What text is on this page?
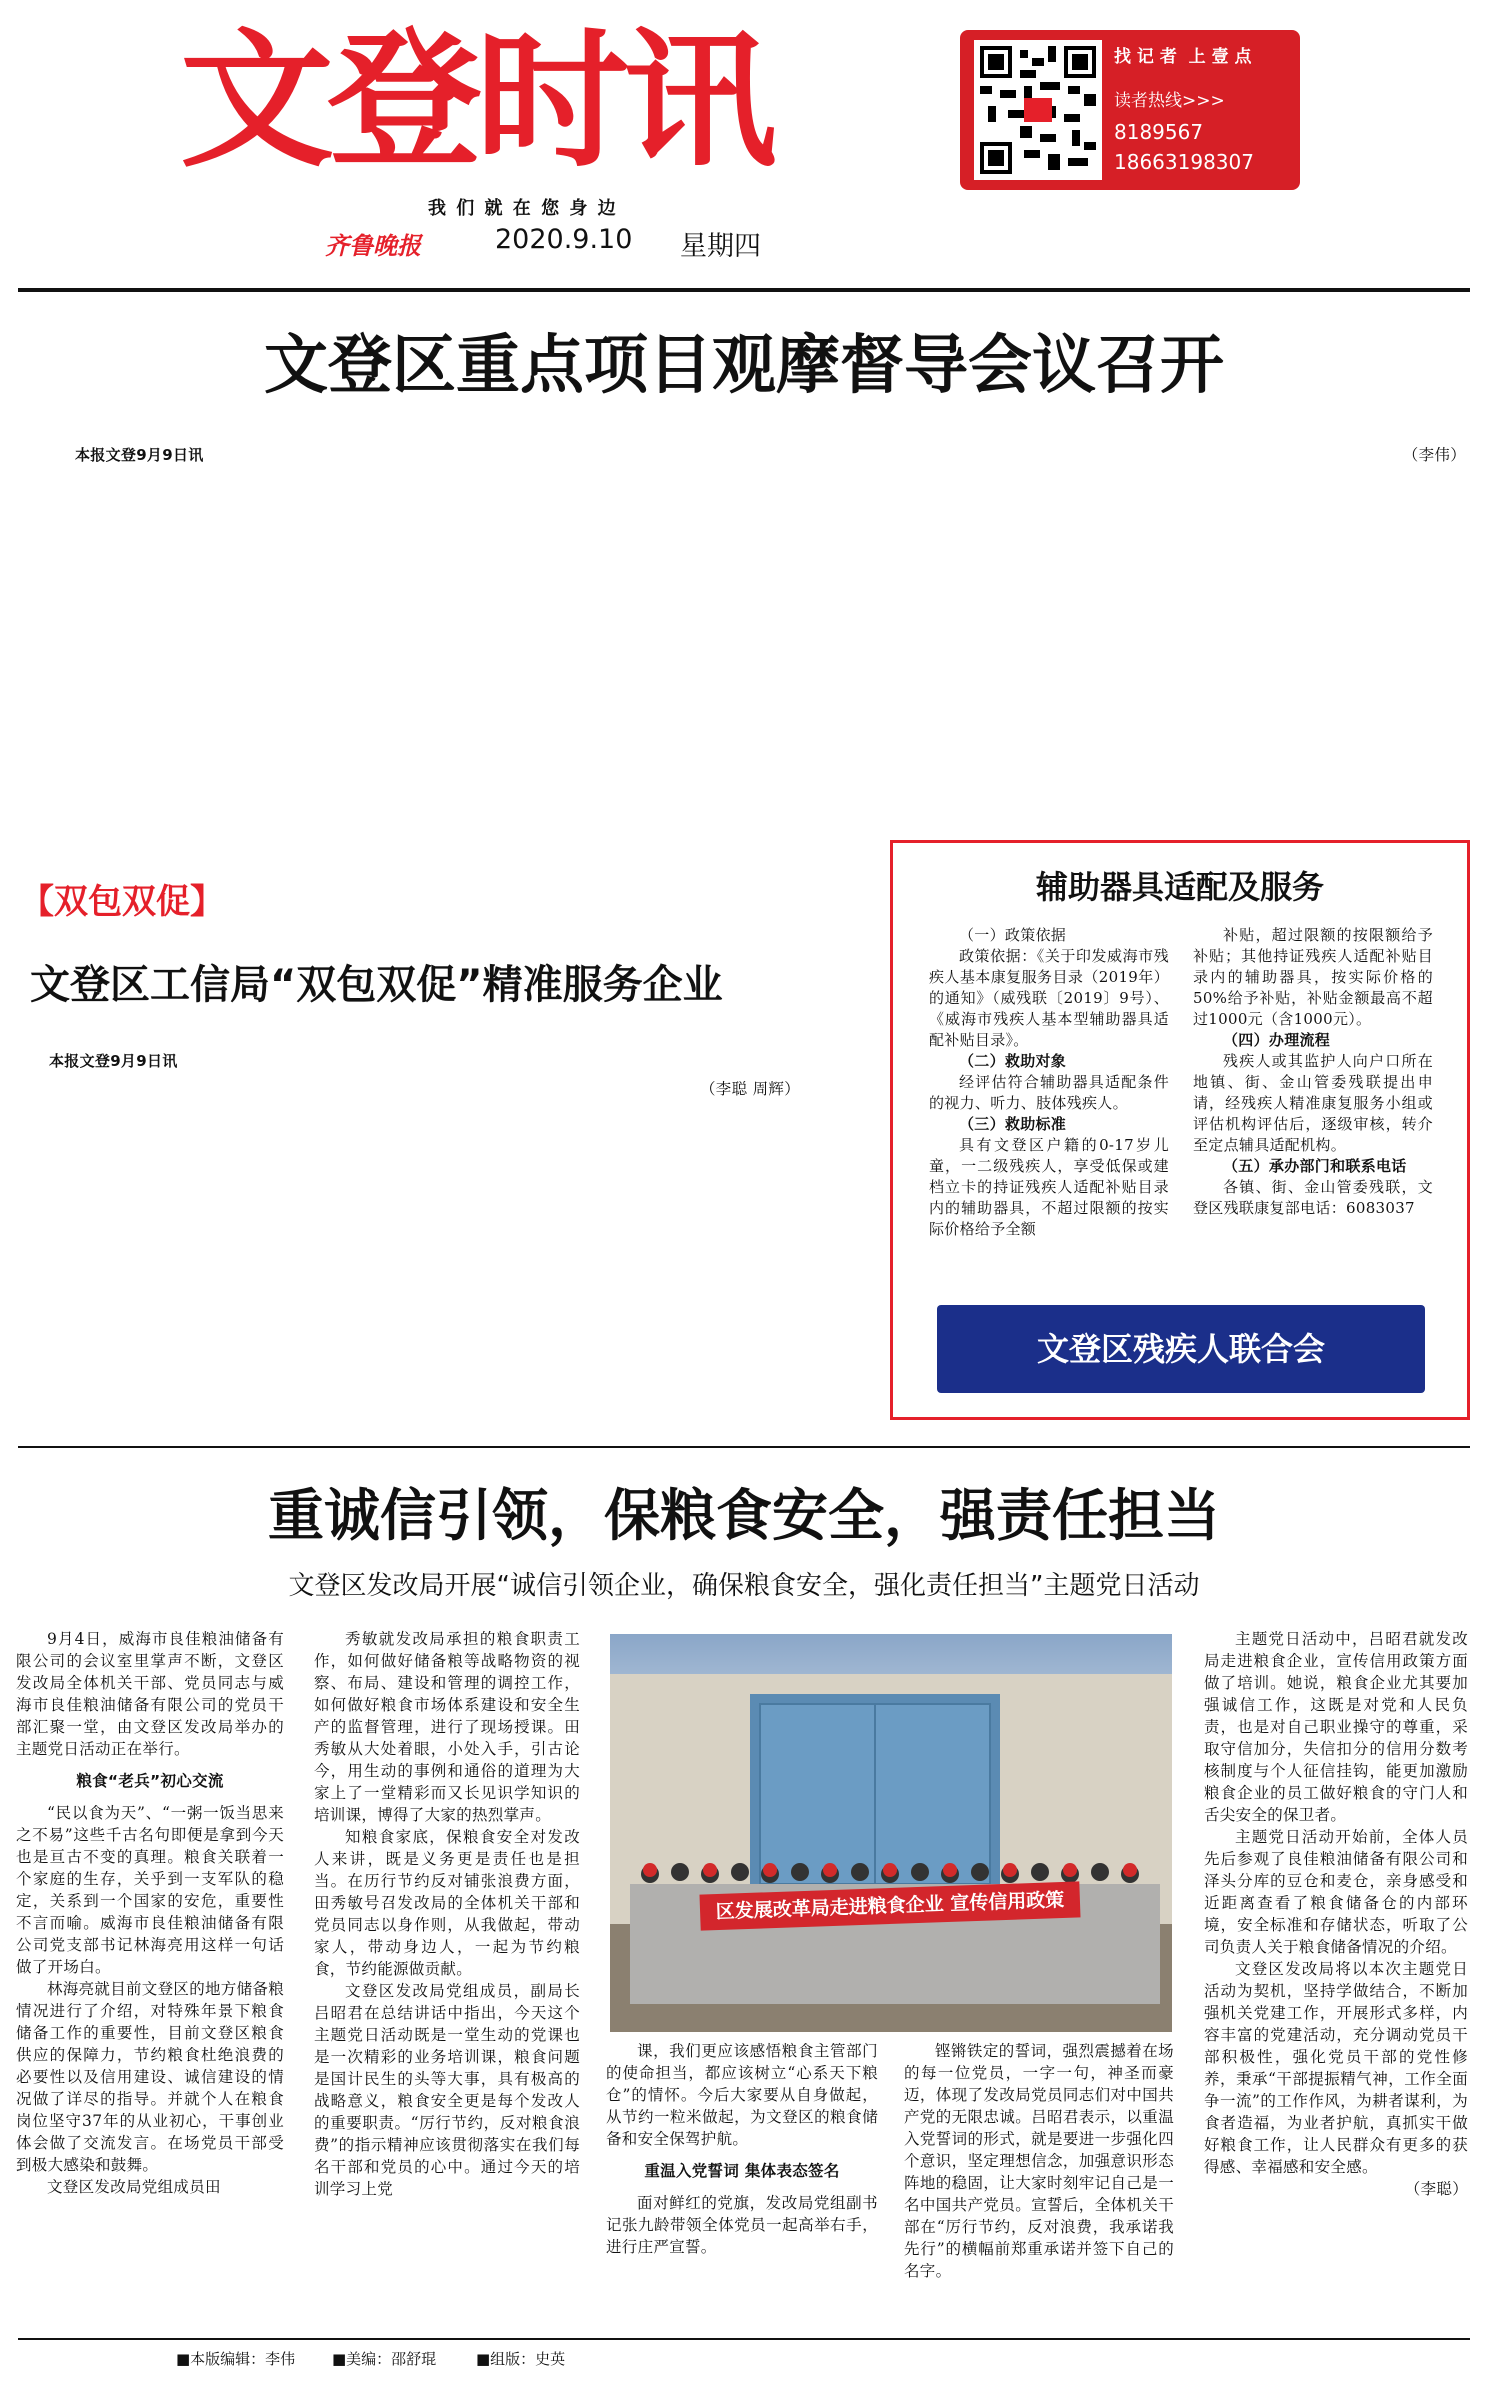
文登时讯
我 们 就 在 您 身 边
齐鲁晚报	2020.9.10 星期四
找 记 者  上 壹 点
读者热线>>>
8189567
18663198307
文登区重点项目观摩督导会议召开

本报文登9月9日讯	（李伟）

【双包双促】
文登区工信局“双包双促”精准服务企业

本报文登9月9日讯

（李聪 周辉）

辅助器具适配及服务

（一）政策依据

政策依据：《关于印发威海市残疾人基本康复服务目录（2019年）的通知》（威残联〔2019〕9号）、《威海市残疾人基本型辅助器具适配补贴目录》。

（二）救助对象

经评估符合辅助器具适配条件的视力、听力、肢体残疾人。

（三）救助标准

具有文登区户籍的0-17岁儿童，一二级残疾人，享受低保或建档立卡的持证残疾人适配补贴目录内的辅助器具，不超过限额的按实际价格给予全额

补贴，超过限额的按限额给予补贴；其他持证残疾人适配补贴目录内的辅助器具，按实际价格的50%给予补贴，补贴金额最高不超过1000元（含1000元）。

（四）办理流程

残疾人或其监护人向户口所在地镇、街、金山管委残联提出申请，经残疾人精准康复服务小组或评估机构评估后，逐级审核，转介至定点辅具适配机构。

（五）承办部门和联系电话

各镇、街、金山管委残联，文登区残联康复部电话：6083037

文登区残疾人联合会
重诚信引领，保粮食安全，强责任担当
文登区发改局开展“诚信引领企业，确保粮食安全，强化责任担当”主题党日活动

9月4日，威海市良佳粮油储备有限公司的会议室里掌声不断，文登区发改局全体机关干部、党员同志与威海市良佳粮油储备有限公司的党员干部汇聚一堂，由文登区发改局举办的主题党日活动正在举行。

粮食“老兵”初心交流

“民以食为天”、“一粥一饭当思来之不易”这些千古名句即便是拿到今天也是亘古不变的真理。粮食关联着一个家庭的生存，关乎到一支军队的稳定，关系到一个国家的安危，重要性不言而喻。威海市良佳粮油储备有限公司党支部书记林海亮用这样一句话做了开场白。

林海亮就目前文登区的地方储备粮情况进行了介绍，对特殊年景下粮食储备工作的重要性，目前文登区粮食供应的保障力，节约粮食杜绝浪费的必要性以及信用建设、诚信建设的情况做了详尽的指导。并就个人在粮食岗位坚守37年的从业初心，干事创业体会做了交流发言。在场党员干部受到极大感染和鼓舞。

文登区发改局党组成员田

秀敏就发改局承担的粮食职责工作，如何做好储备粮等战略物资的视察、布局、建设和管理的调控工作，如何做好粮食市场体系建设和安全生产的监督管理，进行了现场授课。田秀敏从大处着眼，小处入手，引古论今，用生动的事例和通俗的道理为大家上了一堂精彩而又长见识学知识的培训课，博得了大家的热烈掌声。

知粮食家底，保粮食安全对发改人来讲，既是义务更是责任也是担当。在历行节约反对铺张浪费方面，田秀敏号召发改局的全体机关干部和党员同志以身作则，从我做起，带动家人，带动身边人，一起为节约粮食，节约能源做贡献。

文登区发改局党组成员，副局长吕昭君在总结讲话中指出，今天这个主题党日活动既是一堂生动的党课也是一次精彩的业务培训课，粮食问题是国计民生的头等大事，具有极高的战略意义，粮食安全更是每个发改人的重要职责。“厉行节约，反对粮食浪费”的指示精神应该贯彻落实在我们每名干部和党员的心中。通过今天的培训学习上党

区发展改革局走进粮食企业 宣传信用政策

课，我们更应该感悟粮食主管部门的使命担当，都应该树立“心系天下粮仓”的情怀。今后大家要从自身做起，从节约一粒米做起，为文登区的粮食储备和安全保驾护航。

重温入党誓词 集体表态签名

面对鲜红的党旗，发改局党组副书记张九龄带领全体党员一起高举右手，进行庄严宣誓。

铿锵铁定的誓词，强烈震撼着在场的每一位党员，一字一句，神圣而豪迈，体现了发改局党员同志们对中国共产党的无限忠诚。吕昭君表示，以重温入党誓词的形式，就是要进一步强化四个意识，坚定理想信念，加强意识形态阵地的稳固，让大家时刻牢记自己是一名中国共产党员。宣誓后，全体机关干部在“厉行节约，反对浪费，我承诺我先行”的横幅前郑重承诺并签下自己的名字。

主题党日活动中，吕昭君就发改局走进粮食企业，宣传信用政策方面做了培训。她说，粮食企业尤其要加强诚信工作，这既是对党和人民负责，也是对自己职业操守的尊重，采取守信加分，失信扣分的信用分数考核制度与个人征信挂钩，能更加激励粮食企业的员工做好粮食的守门人和舌尖安全的保卫者。

主题党日活动开始前，全体人员先后参观了良佳粮油储备有限公司和泽头分库的豆仓和麦仓，亲身感受和近距离查看了粮食储备仓的内部环境，安全标准和存储状态，听取了公司负责人关于粮食储备情况的介绍。

文登区发改局将以本次主题党日活动为契机，坚持学做结合，不断加强机关党建工作，开展形式多样，内容丰富的党建活动，充分调动党员干部积极性，强化党员干部的党性修养，秉承“干部提振精气神，工作全面争一流”的工作作风，为耕者谋利，为食者造福，为业者护航，真抓实干做好粮食工作，让人民群众有更多的获得感、幸福感和安全感。

（李聪）

■本版编辑：李伟 ■美编：邵舒琨	■组版：史英
